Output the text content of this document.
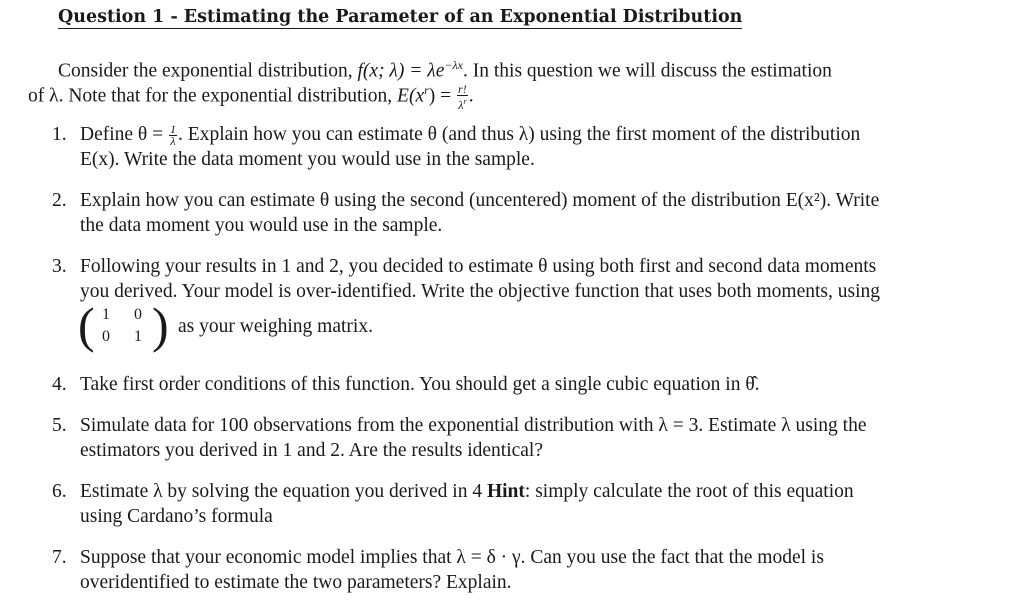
Question 1 - Estimating the Parameter of an Exponential Distribution
Consider the exponential distribution, f(x; $\lambda) = \lambda e^{-\lambda x}$. In this question we will discuss the estimation
of λ. Note that for the exponential distribution, $E(x^r) = \frac{r!}{\lambda^r}$ .
1. Define $\theta = \frac{1}{\lambda}$ . Explain how you can estimate θ (and thus λ) using the first moment of the distribution
E(x). Write the data moment you would use in the sample.
2. Explain how you can estimate θ using the second (uncentered) moment of the distribution E(x²). Write
the data moment you would use in the sample.
3. Following your results in 1 and 2, you decided to estimate θ using both first and second data moments
you derived. Your model is over-identified. Write the objective function that uses both moments, using
( 1 0
0 1 ) as your weighing matrix.
4. Take first order conditions of this function. You should get a single cubic equation in θ̂.
5. Simulate data for 100 observations from the exponential distribution with λ = 3. Estimate λ using the
estimators you derived in 1 and 2. Are the results identical?
6. Estimate λ by solving the equation you derived in 4 Hint: simply calculate the root of this equation
using Cardano’s formula
7. Suppose that your economic model implies that λ = δ · γ. Can you use the fact that the model is
overidentified to estimate the two parameters? Explain.
